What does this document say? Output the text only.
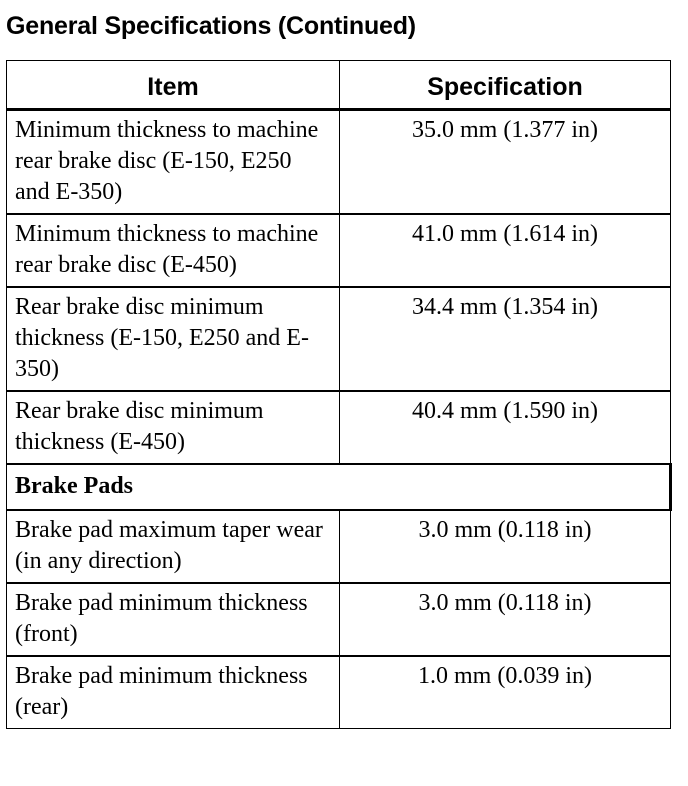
General Specifications (Continued)
Item	Specification
Minimum thickness to machine rear brake disc (E-150, E250 and E-350)	35.0 mm (1.377 in)
Minimum thickness to machine rear brake disc (E-450)	41.0 mm (1.614 in)
Rear brake disc minimum thickness (E-150, E250 and E-350)	34.4 mm (1.354 in)
Rear brake disc minimum thickness (E-450)	40.4 mm (1.590 in)
Brake Pads	
Brake pad maximum taper wear (in any direction)	3.0 mm (0.118 in)
Brake pad minimum thickness (front)	3.0 mm (0.118 in)
Brake pad minimum thickness (rear)	1.0 mm (0.039 in)
